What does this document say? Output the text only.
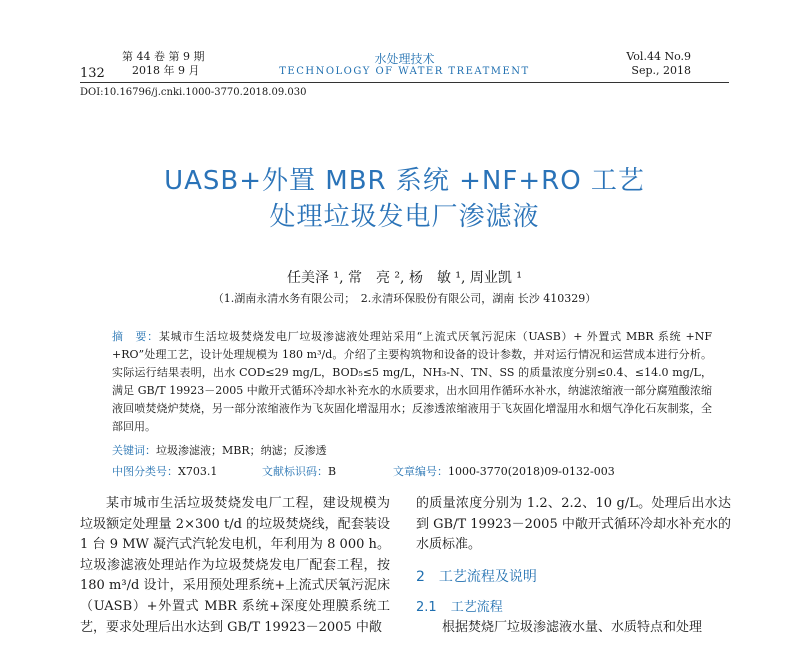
132
第 44 卷 第 9 期
2018 年 9 月
水处理技术
TECHNOLOGY OF WATER TREATMENT
Vol.44 No.9
Sep., 2018
DOI:10.16796/j.cnki.1000-3770.2018.09.030
UASB+外置 MBR 系统 +NF+RO 工艺
处理垃圾发电厂渗滤液
任美泽 ¹, 常　亮 ², 杨　敏 ¹, 周业凯 ¹
（1.湖南永清水务有限公司；　2.永清环保股份有限公司，湖南 长沙 410329）
摘　要：某城市生活垃圾焚烧发电厂垃圾渗滤液处理站采用“上流式厌氧污泥床（UASB）+ 外置式 MBR 系统 +NF +RO”处理工艺，设计处理规模为 180 m³/d。介绍了主要构筑物和设备的设计参数，并对运行情况和运营成本进行分析。实际运行结果表明，出水 COD≤29 mg/L，BOD₅≤5 mg/L，NH₃-N、TN、SS 的质量浓度分别≤0.4、≤14.0 mg/L，满足 GB/T 19923－2005 中敞开式循环冷却水补充水的水质要求，出水回用作循环水补水，纳滤浓缩液一部分腐殖酸浓缩液回喷焚烧炉焚烧，另一部分浓缩液作为飞灰固化增湿用水；反渗透浓缩液用于飞灰固化增湿用水和烟气净化石灰制浆，全部回用。
关键词：垃圾渗滤液；MBR；纳滤；反渗透
中图分类号：X703.1	文献标识码：B	文章编号：1000-3770(2018)09-0132-003

某市城市生活垃圾焚烧发电厂工程，建设规模为垃圾额定处理量 2×300 t/d 的垃圾焚烧线，配套装设 1 台 9 MW 凝汽式汽轮发电机，年利用为 8 000 h。垃圾渗滤液处理站作为垃圾焚烧发电厂配套工程，按 180 m³/d 设计，采用预处理系统+上流式厌氧污泥床（UASB）+外置式 MBR 系统+深度处理膜系统工艺，要求处理后出水达到 GB/T 19923－2005 中敞

的质量浓度分别为 1.2、2.2、10 g/L。处理后出水达到 GB/T 19923－2005 中敞开式循环冷却水补充水的水质标准。

2　工艺流程及说明
2.1 工艺流程
根据焚烧厂垃圾渗滤液水量、水质特点和处理
